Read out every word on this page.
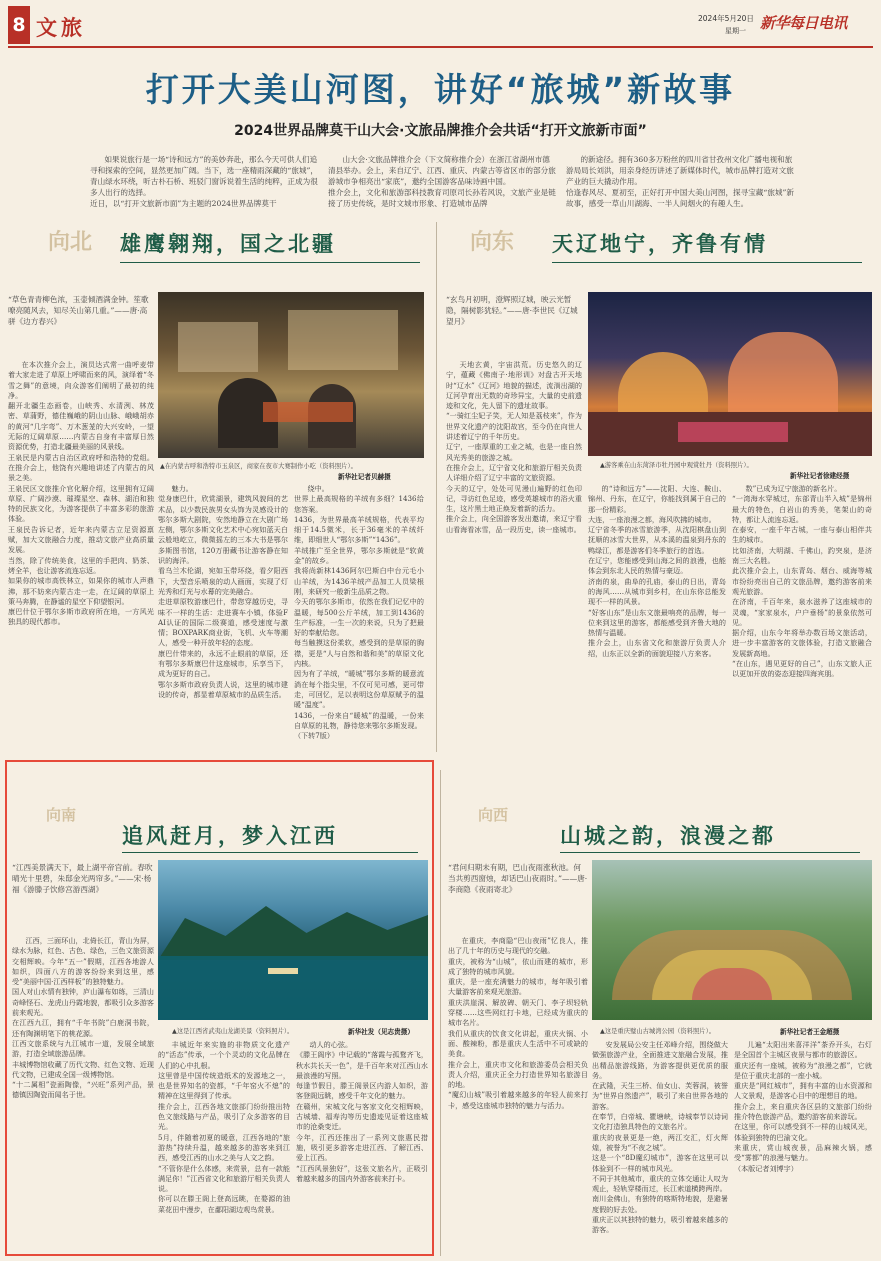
8 文旅	2024年5月20日
星期一 新华每日电讯
打开大美山河图，讲好“旅城”新故事
2024世界品牌莫干山大会·文旅品牌推介会共话“打开文旅新市面”

如果说旅行是一场“诗和远方”的美妙奔赴，那么今天可供人们追寻和探索的空间，显然更加广阔。当下，选一座精雨深藏的“旅城”，青山绿水环绕，听古朴石桥、班驳门窗诉说着生活的纯粹，正成为很多人出行的选择。
近日，以“打开文旅新市面”为主题的2024世界品牌莫干

山大会·文旅品牌推介会（下文简称推介会）在浙江省湖州市德清县举办。会上，来自辽宁、江西、重庆、内蒙古等省区市的部分旅游城市争相亮出“家底”，邀约全国游客品味诗画中国。
推介会上，文化和旅游部科技教育司原司长孙若风说，文旅产业是链接了历史传统，是时文城市形象、打造城市品牌

的新途径。拥有360多万粉丝的四川省甘孜州文化广播电视和旅游局局长刘洪，用亲身经历讲述了新媒体时代，城市品牌打造对文旅产业的巨大撬动作用。
恰逢春风尽、夏初至，正好打开中国大美山河图，探寻宝藏“旅城”新故事，感受一草山川湖海、一半人间烟火的有趣人生。

向北 雄鹰翱翔，国之北疆
“草色青青柳色浓，玉壶倾酒满金钟。笙歌嘹亮随风去，知尽关山第几重。”——唐·高骈《边方春兴》

在本次推介会上，演员达式常一曲呼麦带着大家走进了草原上呼啸而来的风，演绎着“冬雪之舞”的意境，向众游客们阐明了最初的纯净。
翻开北疆生态画卷，山峡秀、水清洌、林茂密、草蒲野，德佳巍峨的阴山山脉、峨峨胡赤的黄河“几字弯”、万木葱茏的大兴安岭，一望无际的辽阔草原……内蒙古自身有丰富厚日然资源优势，打造北疆最美丽的风景线。
王泉民是内蒙古自治区政府呼和浩特的党组。在推介会上，他饶有兴趣地讲述了内蒙古的风景之美。
王泉民区文旅推介官化解介绍，这里拥有辽阔草原、广阔沙漠、璀璨星空、森林、湖泊和独特的民族文化，为游客提供了丰富多彩的旅游体验。
王泉民告诉记者，近年来内蒙古立足资源禀赋，加大文旅融合力度，推动文旅产业高质量发展。
当然，除了传统美食，这里的手把肉、奶茶、烤全羊，也让游客流连忘返。
如果你的城市高铁林立，如果你的城市人声鼎沸，那不妨来内蒙古走一走，在辽阔的草原上策马奔腾，在静谧的星空下仰望银河。
康巴什位于鄂尔多斯市政府所在地，一方风光独具的现代都市。

▲在内蒙古呼和浩特市玉泉区，商家在夜市大赛制作小吃（资料照片）。
新华社记者贝赫摄

魅力。
觉身康巴什，欣赏湖景，建筑风貌间的艺术品，以少数民族男女头饰为灵感设计的鄂尔多斯大剧院，安然地静立在大剧广场左侧，鄂尔多斯文化艺术中心宛如蓝天白云般地屹立，微微摇左的三本大书是鄂尔多斯图书馆，120万册藏书让游客静在知识的海洋。
看乌兰木伦湖，宛如玉带环绕，看夕阳西下，大型音乐喷泉的动人画面，实现了灯光秀和灯光与水幕的完美融合。
走进草原牧游康巴什，带您穿越历史，寻味不一样的生活：走进赛车小镇，体验FAI认证的国际二级赛道，感受速度与激情；BOXPARK商业街，飞机、火车等潮人，感受一种开放年轻的态度。
康巴什带来的，永远不止眼前的草原，还有鄂尔多斯康巴什这座城市，乐享当下，成为更好的自己。
鄂尔多斯市政府负责人说，这里的城市建设的传奇，都显着草原城市的品质生活。

绕中。
世界上最高规格的羊绒有多细？1436给您答案。
1436，为世界最高羊绒规格，代表平均细于14.5微米，长于36毫米的羊绒纤维，即细世人“鄂尔多斯”“1436”。
羊绒推广至全世界，鄂尔多斯就是“软黄金”的故乡。
我将尚新林1436阿尔巴斯白中台元毛小山羊绒，为1436羊绒产品加工人员梁根刚，来研究一般新生品质之物。
今天的鄂尔多斯市，依然在我们记忆中的温暖，每500公斤羊绒，加工到1436的生产标准，一生一次的来说，只为了把最好的奉献给您。
每当触摸这份柔软，感受到的是草原的胸襟，更是“人与自然和谐和美”的草原文化内核。
因为有了羊绒，“暖城”鄂尔多斯的暖意流淌在每个指尖里，不仅可见可感，更可带走，可回忆，足以表明这份草原赋予的温暖“温度”。
1436，一份来自“暖城”的温暖，一份来自草原的礼物，静待您来鄂尔多斯发现。
（下转7版）

向东 天辽地宁，齐鲁有情
“玄鸟月初明，澄辉照辽城，映云光暂隐，隔树影犹轻。”——唐·李世民《辽城望月》

天地玄黄，宇宙洪荒。历史悠久的辽宁，蕴藏《佛南子·地形训》对盘古开天地时“辽水”《辽河》地貌的描述，流淌出湖的辽河孕育出无数的奇珍异宝，大量的史前遗迹和文化，先人留下的遗址故事。
“一骑红尘妃子笑，无人知是荔枝来”，作为世界文化遗产的沈阳故宫，至今仍在向世人讲述着辽宁的千年历史。
辽宁，一座厚重的工业之城，也是一座自然风光秀美的旅游之城。
在推介会上，辽宁省文化和旅游厅相关负责人详细介绍了辽宁丰富的文旅资源。
今天的辽宁，处处可见漫山遍野的红色印记，寻访红色足迹，感受英雄城市的浴火重生，这片黑土地正焕发着新的活力。
推介会上，向全国游客发出邀请，来辽宁看山看海看冰雪，品一段历史，读一座城市。

▲游客乘在山东菏泽市牡丹园中观赏牡丹（资料照片）。
新华社记者徐建经摄

的“诗和远方”——沈阳、大连、鞍山、锦州、丹东，在辽宁，你能找到属于自己的那一份精彩。
大连，一座浪漫之都，海风吹拂的城市。
辽宁省冬季的冰雪旅游季，从沈阳棋盘山到抚顺的冰雪大世界，从本溪的温泉到丹东的鸭绿江，都是游客们冬季旅行的首选。
在辽宁，您能感受到山海之间的浪漫，也能体会到东北人民的热情与豪迈。
济南的泉，曲阜的孔庙，泰山的日出，青岛的海风……从城市到乡村，在山东你总能发现不一样的风景。
“好客山东”是山东文旅最响亮的品牌，每一位来到这里的游客，都能感受到齐鲁大地的热情与温暖。
推介会上，山东省文化和旅游厅负责人介绍，山东正以全新的面貌迎接八方来客。

数”已成为辽宁旅游的新名片。
“一湾海水穿城过，东部青山半入城”是锦州最大的特色，白岩山的秀美，笔架山的奇特，都让人流连忘返。
在泰安，一座千年古城，一座与泰山相伴共生的城市。
比如济南，大明湖、千佛山，趵突泉，是济南三大名胜。
此次推介会上，山东青岛、烟台、威海等城市纷纷亮出自己的文旅品牌，邀约游客前来观光旅游。
在济南，千百年来，泉水滋养了这座城市的灵魂，“家家泉水，户户垂杨”的景象依然可见。
据介绍，山东今年将举办数百场文旅活动，进一步丰富游客的文旅体验，打造文旅融合发展新高地。
“在山东，遇见更好的自己”，山东文旅人正以更加开放的姿态迎接四海宾朋。

向南
追风赶月，梦入江西
“江西美景满天下，最上湖平帝宫前。春吹晴光十里碧，朱邸金光两帘多。”——宋·杨福《游滕子饮修宫游西湖》

江西，三面环山，北倚长江，青山为屏，绿水为脉，红色、古色、绿色，三色文旅资源交相辉映。今年“五一”假期，江西各地游人如织，四面八方的游客纷纷来到这里，感受“美丽中国·江西样板”的独特魅力。
国人对山水情有独钟，庐山瀑布如练，三清山奇峰怪石、龙虎山丹霞地貌，都吸引众多游客前来观光。
在江西九江，拥有“千年书院”白鹿洞书院，还有陶渊明笔下的桃花源。
江西文旅系统与九江城市一道，发展全域旅游，打造全域旅游品牌。
丰城博物馆收藏了历代文物、红色文物、近现代文物，已建成全国一级博物馆。
“十二属相”瓷画陶像，“兴旺”系列产品，景德镇因陶瓷而闻名于世。

▲这是江西省武夷山龙湖美景（资料照片）。	新华社发（见志贵摄）

丰城近年来实施的非物质文化遗产的“活态”传承，一个个灵动的文化品牌在人们的心中扎根。
这里曾是中国传统造纸术的发源地之一，也是世界知名的瓷都，“千年窑火不熄”的精神在这里得到了传承。
推介会上，江西各地文旅部门纷纷推出特色文旅线路与产品，吸引了众多游客的目光。
5月，伴随着初夏的暖意，江西各地的“旅游热”持续升温，越来越多的游客来到江西，感受江西的山水之美与人文之韵。
“不管你是什么体感，来赏景，总有一款能满足你！”江西省文化和旅游厅相关负责人说。
你可以在滕王阁上登高远眺，在婺源的油菜花田中漫步，在鄱阳湖边观鸟赏景。

动人的心弦。
《滕王阁序》中记载的“落霞与孤鹜齐飞，秋水共长天一色”，是千百年来对江西山水最浪漫的写照。
每逢节假日，滕王阁景区内游人如织，游客登阁远眺，感受千年文化的魅力。
在赣州，宋城文化与客家文化交相辉映，古城墙、福寿沟等历史遗迹见证着这座城市的沧桑变迁。
今年，江西还推出了一系列文旅惠民措施，吸引更多游客走进江西、了解江西、爱上江西。
“江西风景独好”，这张文旅名片，正吸引着越来越多的国内外游客前来打卡。

向西
山城之韵，浪漫之都
“君问归期未有期，巴山夜雨涨秋池。何当共剪西窗烛，却话巴山夜雨时。”——唐·李商隐《夜雨寄北》

在重庆，李商隐“巴山夜雨”忆良人，推出了几十年的历史与现代的交融。
重庆，被称为“山城”，依山而建的城市，形成了独特的城市风貌。
重庆，是一座充满魅力的城市，每年吸引着大量游客前来观光旅游。
重庆洪崖洞、解放碑、朝天门、李子坝轻轨穿楼……这些网红打卡地，已经成为重庆的城市名片。
我们从重庆的饮食文化讲起，重庆火锅、小面、酸辣粉，都是重庆人生活中不可或缺的美食。
推介会上，重庆市文化和旅游委员会相关负责人介绍，重庆正全力打造世界知名旅游目的地。
“魔幻山城”吸引着越来越多的年轻人前来打卡，感受这座城市独特的魅力与活力。

▲这是重庆璧山古城湾公园（资料照片）。	新华社记者王金超摄

安发展局公安主任邓峰介绍，围绕做大做强旅游产业，全面推进文旅融合发展，推出精品旅游线路，为游客提供更优质的服务。
在武隆，天生三桥、仙女山、芙蓉洞，被誉为“世界自然遗产”，吸引了来自世界各地的游客。
在奉节，白帝城、瞿塘峡，诗城奉节以诗词文化打造独具特色的文旅名片。
重庆的夜景更是一绝，两江交汇，灯火辉煌，被誉为“不夜之城”。
这是一个“8D魔幻城市”，游客在这里可以体验到不一样的城市风光。
不同于其他城市，重庆的立体交通让人叹为观止，轻轨穿楼而过，长江索道横跨两岸。
南川金佛山，有独特的喀斯特地貌，是避暑度假的好去处。
重庆正以其独特的魅力，吸引着越来越多的游客。

儿遍“太阳出来喜洋洋”茶乔开头，右灯是全国首个主城区夜景与都市的旅游区。
重庆还有一座城，被称为“浪漫之都”，它就是位于重庆北部的一座小城。
重庆是“网红城市”，拥有丰富的山水资源和人文景观，是游客心目中的理想目的地。
推介会上，来自重庆各区县的文旅部门纷纷推介特色旅游产品，邀约游客前来游玩。
在这里，你可以感受到不一样的山城风光，体验到独特的巴渝文化。
来重庆，赏山城夜景，品麻辣火锅，感受“雾都”的浪漫与魅力。
（本版记者刘博宇）
